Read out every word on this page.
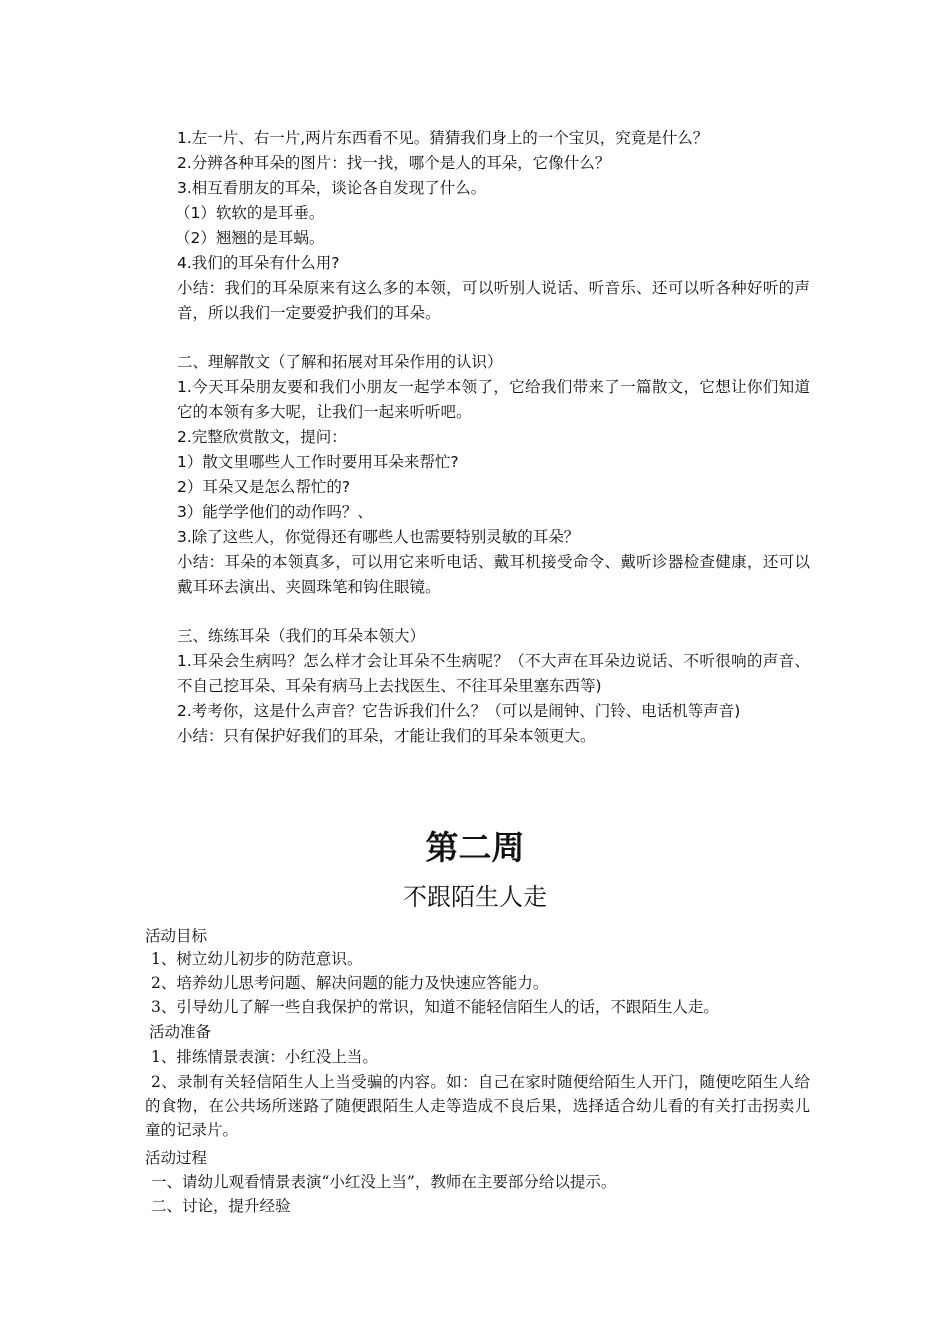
1.左一片、右一片,两片东西看不见。猜猜我们身上的一个宝贝，究竟是什么？
2.分辨各种耳朵的图片：找一找，哪个是人的耳朵，它像什么？
3.相互看朋友的耳朵，谈论各自发现了什么。
（1）软软的是耳垂。
（2）翘翘的是耳蜗。
4.我们的耳朵有什么用?
小结：我们的耳朵原来有这么多的本领，可以听别人说话、听音乐、还可以听各种好听的声音，所以我们一定要爱护我们的耳朵。
二、理解散文（了解和拓展对耳朵作用的认识）
1.今天耳朵朋友要和我们小朋友一起学本领了，它给我们带来了一篇散文，它想让你们知道它的本领有多大呢，让我们一起来听听吧。
2.完整欣赏散文，提问：
1）散文里哪些人工作时要用耳朵来帮忙?
2）耳朵又是怎么帮忙的?
3）能学学他们的动作吗？、
3.除了这些人，你觉得还有哪些人也需要特别灵敏的耳朵？
小结：耳朵的本领真多，可以用它来听电话、戴耳机接受命令、戴听诊器检查健康，还可以戴耳环去演出、夹圆珠笔和钩住眼镜。
三、练练耳朵（我们的耳朵本领大）
1.耳朵会生病吗？怎么样才会让耳朵不生病呢？（不大声在耳朵边说话、不听很响的声音、不自己挖耳朵、耳朵有病马上去找医生、不往耳朵里塞东西等)
2.考考你，这是什么声音？它告诉我们什么？（可以是闹钟、门铃、电话机等声音)
小结：只有保护好我们的耳朵，才能让我们的耳朵本领更大。
第二周
不跟陌生人走
活动目标
1、树立幼儿初步的防范意识。
2、培养幼儿思考问题、解决问题的能力及快速应答能力。
3、引导幼儿了解一些自我保护的常识，知道不能轻信陌生人的话，不跟陌生人走。
活动准备
1、排练情景表演：小红没上当。
2、录制有关轻信陌生人上当受骗的内容。如：自己在家时随便给陌生人开门，随便吃陌生人给的食物，在公共场所迷路了随便跟陌生人走等造成不良后果，选择适合幼儿看的有关打击拐卖儿童的记录片。
活动过程
一、请幼儿观看情景表演“小红没上当”，教师在主要部分给以提示。
二、讨论，提升经验
